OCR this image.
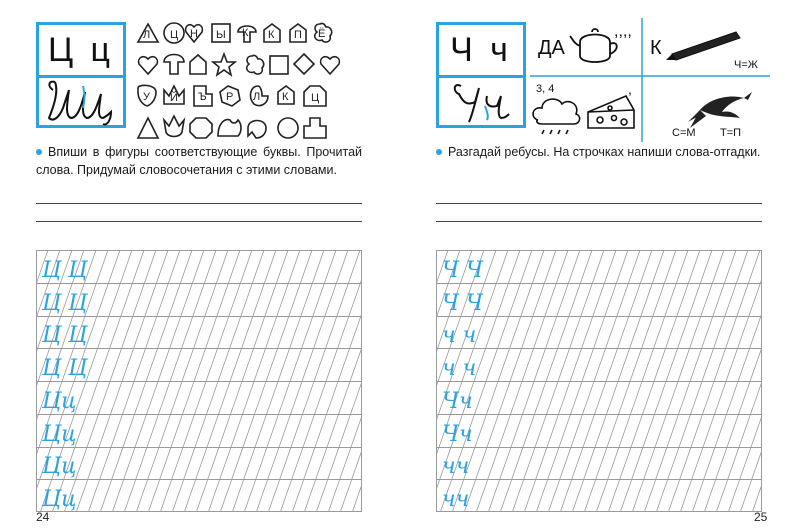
Ц ц	Л Ц Н Ы К К П Ё
У Й Ъ Р Л К Ц
Впиши в фигуры соответствующие буквы. Прочитай слова. Придумай словосочетания с этими словами.
Ц Ц
Ц Ц
Ц Ц
Ц Ц
Цц
Цц
Цц
Цц
24
Ч ч	ДА
,,,,
К
Ч=Ж
3, 4	,
С=М Т=П
Разгадай ребусы. На строчках напиши слова-отгадки.
Ч Ч
Ч Ч
ч ч
ч ч
Чч
Чч
чч
чч
25
